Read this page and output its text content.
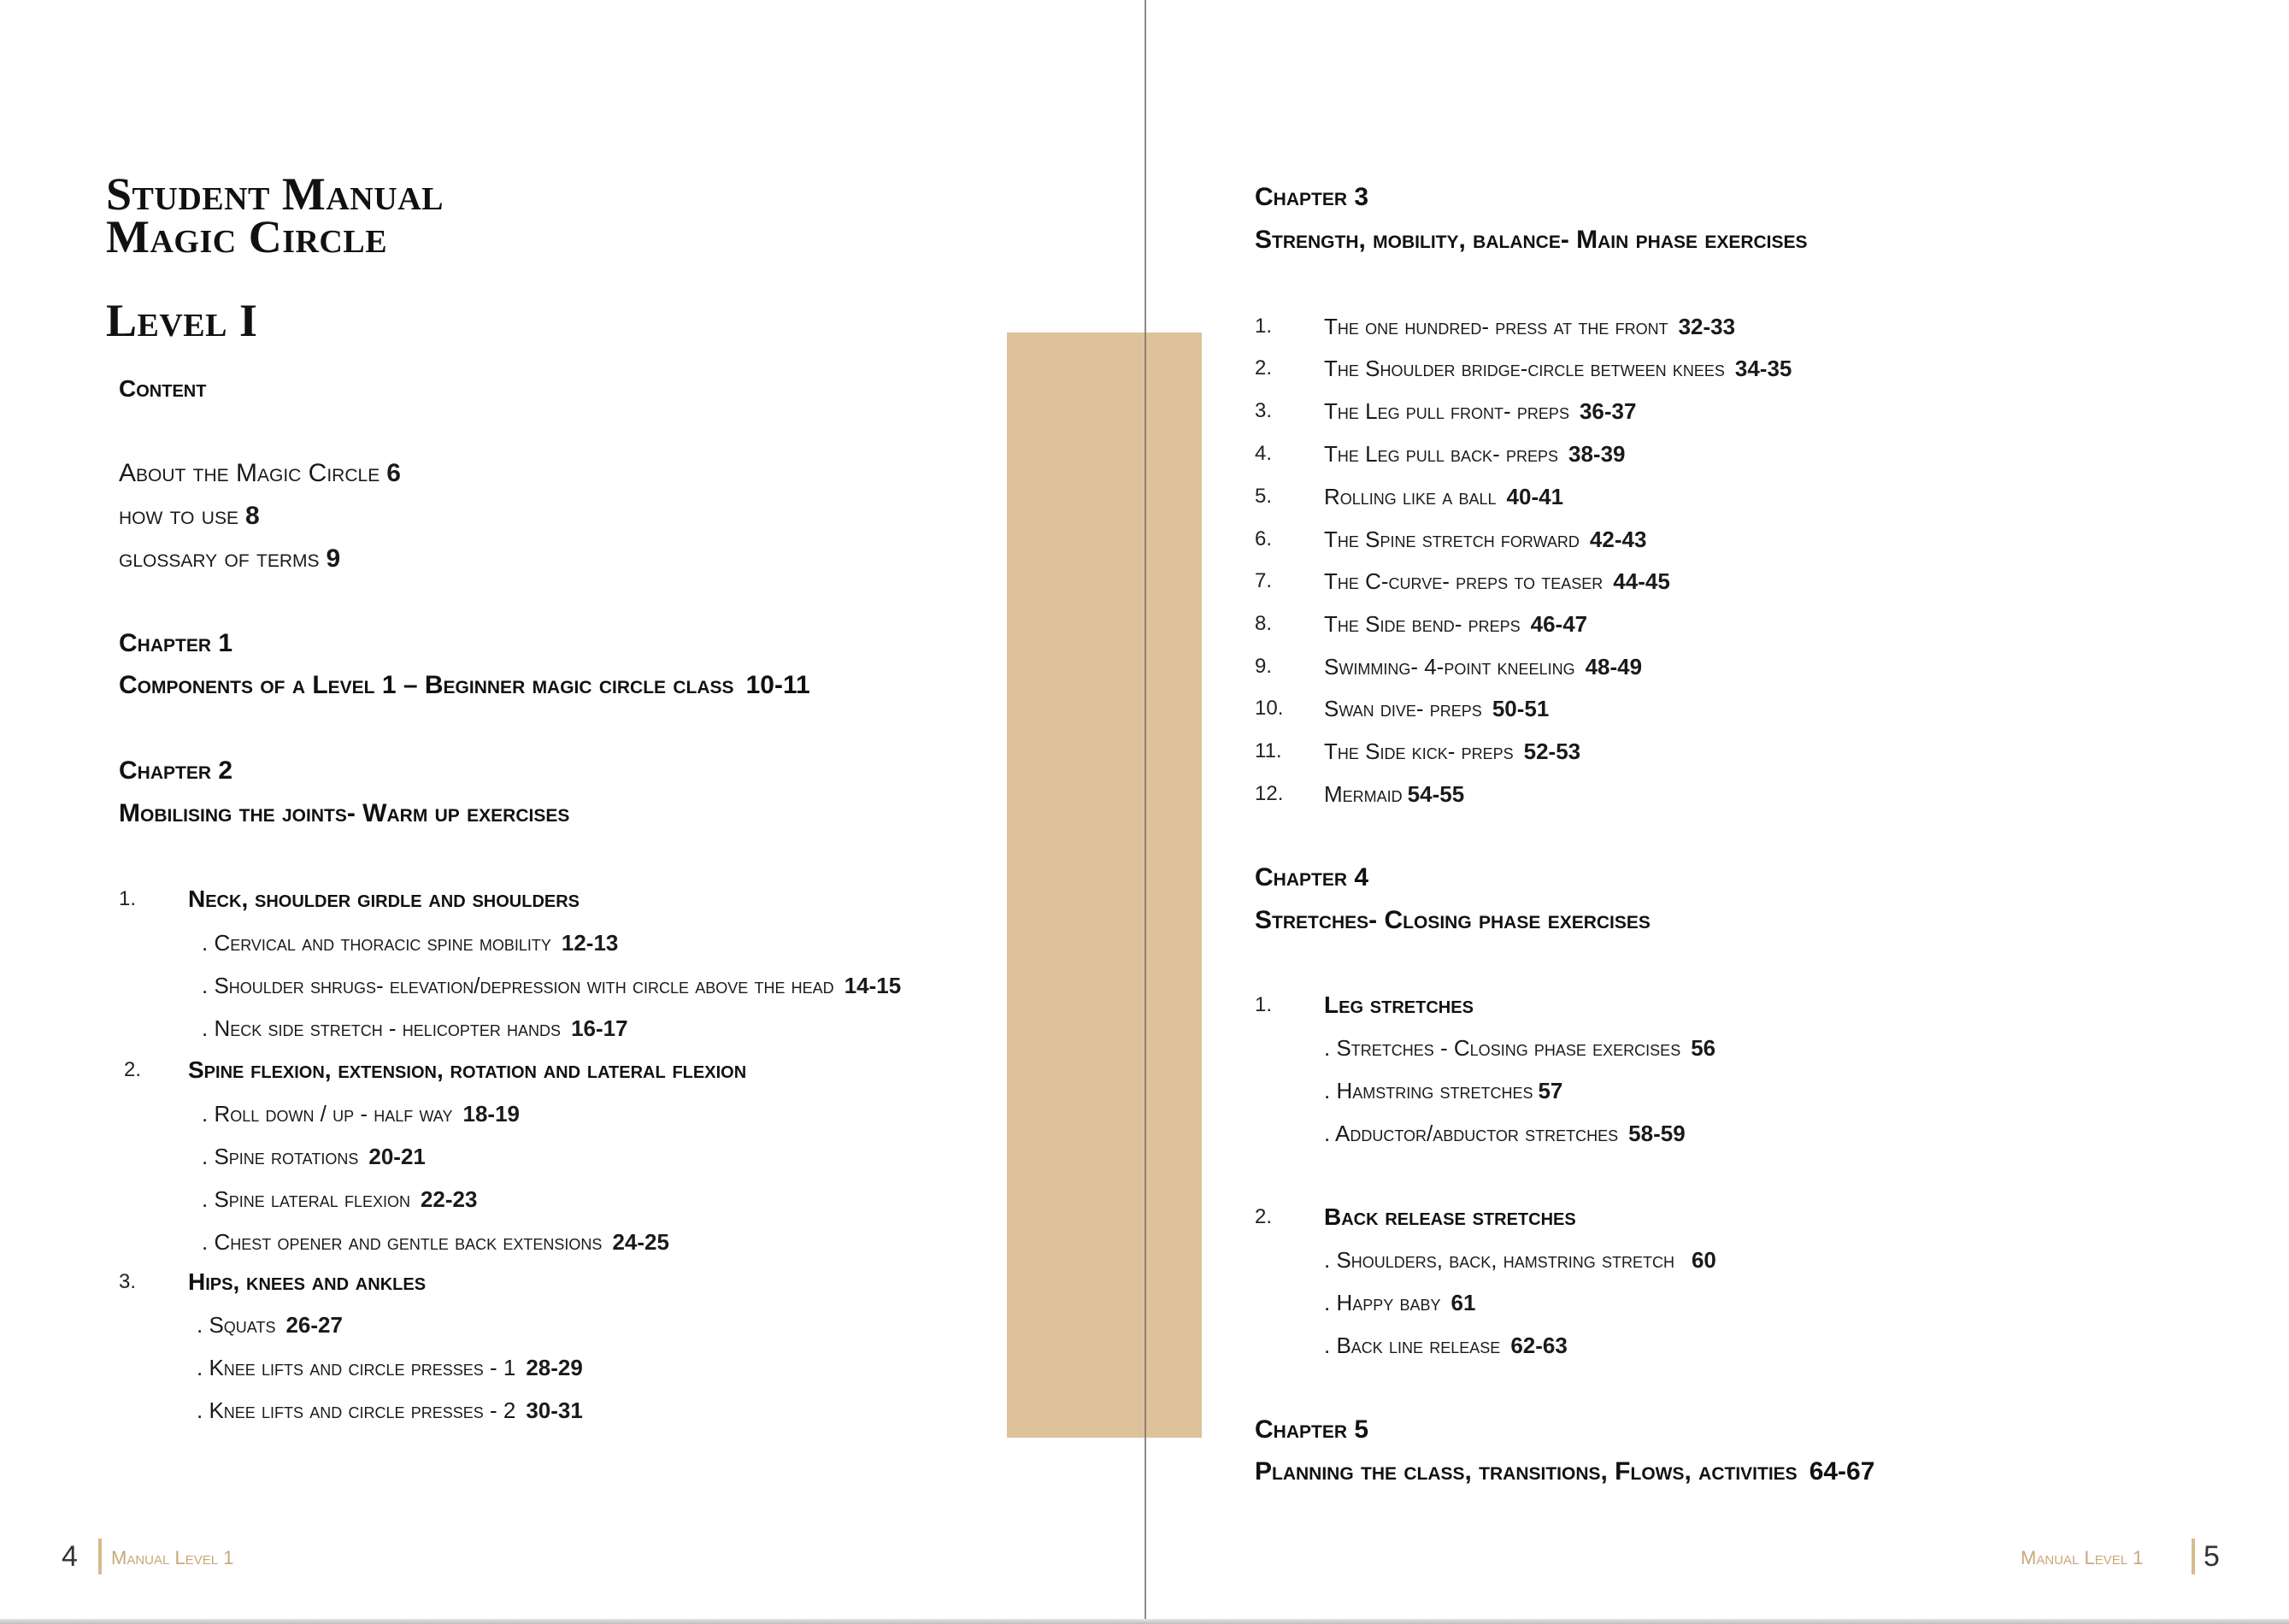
Student Manual
Magic Circle
Level I
Content
About the Magic Circle 6
how to use 8
glossary of terms 9
Chapter 1
Components of a Level 1 – Beginner magic circle class 10-11
Chapter 2
Mobilising the joints- Warm up exercises
1. Neck, shoulder girdle and shoulders
. Cervical and thoracic spine mobility 12-13
. Shoulder shrugs- elevation/depression with circle above the head 14-15
. Neck side stretch - helicopter hands 16-17
2. Spine flexion, extension, rotation and lateral flexion
. Roll down / up - half way 18-19
. Spine rotations 20-21
. Spine lateral flexion 22-23
. Chest opener and gentle back extensions 24-25
3. Hips, knees and ankles
. Squats 26-27
. Knee lifts and circle presses - 1 28-29
. Knee lifts and circle presses - 2 30-31
4 Manual Level 1
Chapter 3
Strength, mobility, balance- Main phase exercises
1. The one hundred- press at the front 32-33
2. The Shoulder bridge-circle between knees 34-35
3. The Leg pull front- preps 36-37
4. The Leg pull back- preps 38-39
5. Rolling like a ball 40-41
6. The Spine stretch forward 42-43
7. The C-curve- preps to teaser 44-45
8. The Side bend- preps 46-47
9. Swimming- 4-point kneeling 48-49
10. Swan dive- preps 50-51
11. The Side kick- preps 52-53
12. Mermaid 54-55
Chapter 4
Stretches- Closing phase exercises
1. Leg stretches
. Stretches - Closing phase exercises 56
. Hamstring stretches 57
. Adductor/abductor stretches 58-59
2. Back release stretches
. Shoulders, back, hamstring stretch 60
. Happy baby 61
. Back line release 62-63
Chapter 5
Planning the class, transitions, Flows, activities 64-67
Manual Level 1 5
